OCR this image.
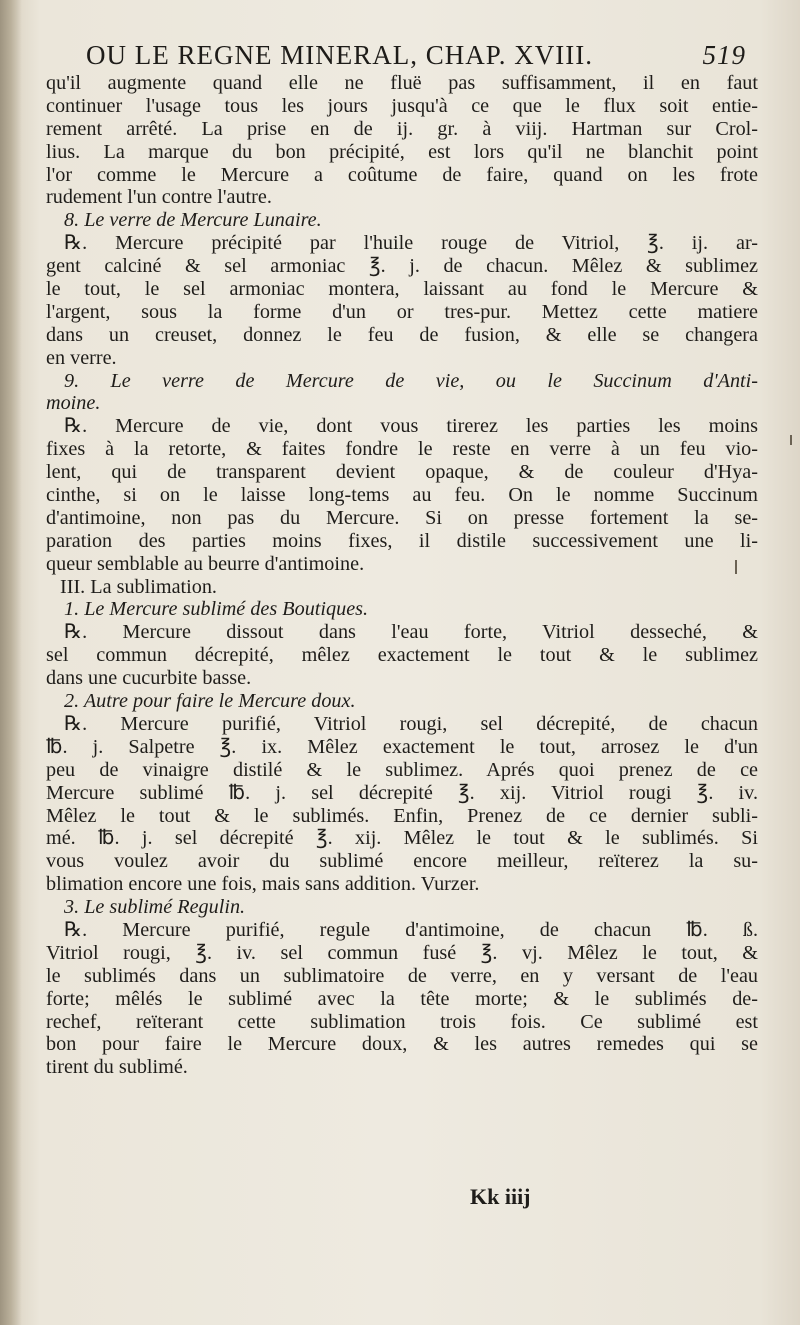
OU LE REGNE MINERAL, CHAP. XVIII.	519
qu'il augmente quand elle ne fluë pas suffisamment, il en faut
continuer l'usage tous les jours jusqu'à ce que le flux soit entie-
rement arrêté. La prise en de ij. gr. à viij. Hartman sur Crol-
lius. La marque du bon précipité, est lors qu'il ne blanchit point
l'or comme le Mercure a coûtume de faire, quand on les frote
rudement l'un contre l'autre.
8. Le verre de Mercure Lunaire.
℞. Mercure précipité par l'huile rouge de Vitriol, ℥. ij. ar-
gent calciné & sel armoniac ℥. j. de chacun. Mêlez & sublimez
le tout, le sel armoniac montera, laissant au fond le Mercure &
l'argent, sous la forme d'un or tres-pur. Mettez cette matiere
dans un creuset, donnez le feu de fusion, & elle se changera
en verre.
9. Le verre de Mercure de vie, ou le Succinum d'Anti-
moine.
℞. Mercure de vie, dont vous tirerez les parties les moins
fixes à la retorte, & faites fondre le reste en verre à un feu vio-
lent, qui de transparent devient opaque, & de couleur d'Hya-
cinthe, si on le laisse long-tems au feu. On le nomme Succinum
d'antimoine, non pas du Mercure. Si on presse fortement la se-
paration des parties moins fixes, il distile successivement une li-
queur semblable au beurre d'antimoine.
III. La sublimation.
1. Le Mercure sublimé des Boutiques.
℞. Mercure dissout dans l'eau forte, Vitriol desseché, &
sel commun décrepité, mêlez exactement le tout & le sublimez
dans une cucurbite basse.
2. Autre pour faire le Mercure doux.
℞. Mercure purifié, Vitriol rougi, sel décrepité, de chacun
℔. j. Salpetre ℥. ix. Mêlez exactement le tout, arrosez le d'un
peu de vinaigre distilé & le sublimez. Aprés quoi prenez de ce
Mercure sublimé ℔. j. sel décrepité ℥. xij. Vitriol rougi ℥. iv.
Mêlez le tout & le sublimés. Enfin, Prenez de ce dernier subli-
mé. ℔. j. sel décrepité ℥. xij. Mêlez le tout & le sublimés. Si
vous voulez avoir du sublimé encore meilleur, reïterez la su-
blimation encore une fois, mais sans addition. Vurzer.
3. Le sublimé Regulin.
℞. Mercure purifié, regule d'antimoine, de chacun ℔. ß.
Vitriol rougi, ℥. iv. sel commun fusé ℥. vj. Mêlez le tout, &
le sublimés dans un sublimatoire de verre, en y versant de l'eau
forte; mêlés le sublimé avec la tête morte; & le sublimés de-
rechef, reïterant cette sublimation trois fois. Ce sublimé est
bon pour faire le Mercure doux, & les autres remedes qui se
tirent du sublimé.
Kk iiij
